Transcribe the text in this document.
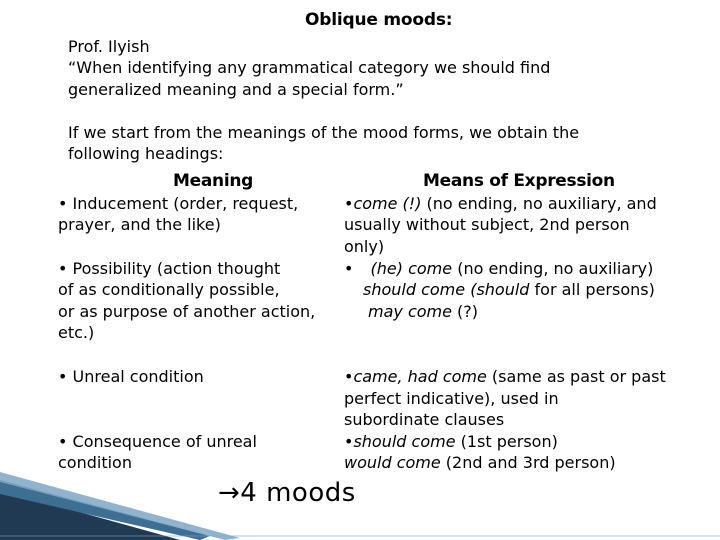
Oblique moods:
Prof. Ilyish
“When identifying any grammatical category we should find
generalized meaning and a special form.”
If we start from the meanings of the mood forms, we obtain the
following headings:
Meaning	Means of Expression
• Inducement (order, request,
prayer, and the like)
• Possibility (action thought
of as conditionally possible,
or as purpose of another action,
etc.)
• Unreal condition
• Consequence of unreal
condition
•come (!) (no ending, no auxiliary, and
usually without subject, 2nd person
only)
• (he) come (no ending, no auxiliary)
should come (should for all persons)
may come (?)
•came, had come (same as past or past
perfect indicative), used in
subordinate clauses
•should come (1st person)
would come (2nd and 3rd person)
→4 moods
